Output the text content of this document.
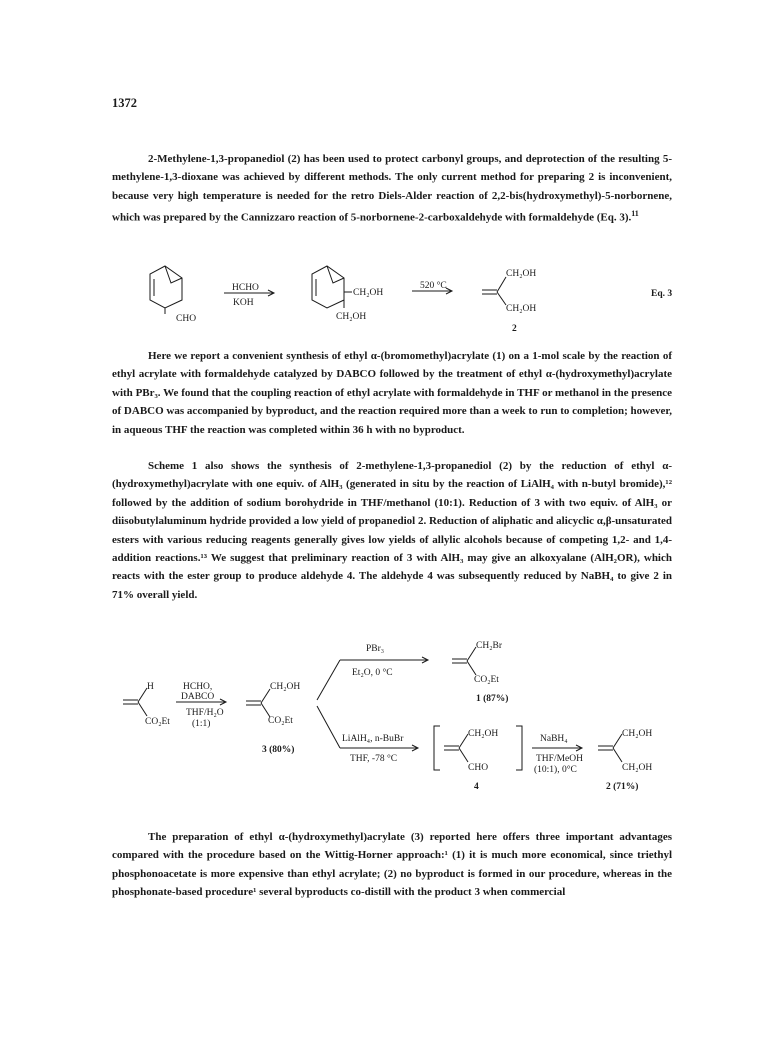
1372

2-Methylene-1,3-propanediol (2) has been used to protect carbonyl groups, and deprotection of the resulting 5-methylene-1,3-dioxane was achieved by different methods. The only current method for preparing 2 is inconvenient, because very high temperature is needed for the retro Diels-Alder reaction of 2,2-bis(hydroxymethyl)-5-norbornene, which was prepared by the Cannizzaro reaction of 5-norbornene-2-carboxaldehyde with formaldehyde (Eq. 3).$^{11}$

CHO
HCHO
KOH
CH₂OH
CH₂OH
520 °C
CH₂OH
CH₂OH
2
Eq. 3

Here we report a convenient synthesis of ethyl α-(bromomethyl)acrylate (1) on a 1-mol scale by the reaction of ethyl acrylate with formaldehyde catalyzed by DABCO followed by the treatment of ethyl α-(hydroxymethyl)acrylate with PBr₃. We found that the coupling reaction of ethyl acrylate with formaldehyde in THF or methanol in the presence of DABCO was accompanied by byproduct, and the reaction required more than a week to run to completion; however, in aqueous THF the reaction was completed within 36 h with no byproduct.

Scheme 1 also shows the synthesis of 2-methylene-1,3-propanediol (2) by the reduction of ethyl α-(hydroxymethyl)acrylate with one equiv. of AlH₃ (generated in situ by the reaction of LiAlH₄ with n-butyl bromide),¹² followed by the addition of sodium borohydride in THF/methanol (10:1). Reduction of 3 with two equiv. of AlH₃ or diisobutylaluminum hydride provided a low yield of propanediol 2. Reduction of aliphatic and alicyclic α,β-unsaturated esters with various reducing reagents generally gives low yields of allylic alcohols because of competing 1,2- and 1,4-addition reactions.¹³ We suggest that preliminary reaction of 3 with AlH₃ may give an alkoxyalane (AlH₂OR), which reacts with the ester group to produce aldehyde 4. The aldehyde 4 was subsequently reduced by NaBH₄ to give 2 in 71% overall yield.

H
CO₂Et
HCHO,
DABCO
THF/H₂O
(1:1)
CH₂OH
CO₂Et
3 (80%)
PBr₃
Et₂O, 0 °C
LiAlH₄, n-BuBr
THF, -78 °C
CH₂Br
CO₂Et
1 (87%)
CH₂OH
CHO
4
NaBH₄
THF/MeOH
(10:1), 0°C
CH₂OH
CH₂OH
2 (71%)

The preparation of ethyl α-(hydroxymethyl)acrylate (3) reported here offers three important advantages compared with the procedure based on the Wittig-Horner approach:¹ (1) it is much more economical, since triethyl phosphonoacetate is more expensive than ethyl acrylate; (2) no byproduct is formed in our procedure, whereas in the phosphonate-based procedure¹ several byproducts co-distill with the product 3 when commercial
